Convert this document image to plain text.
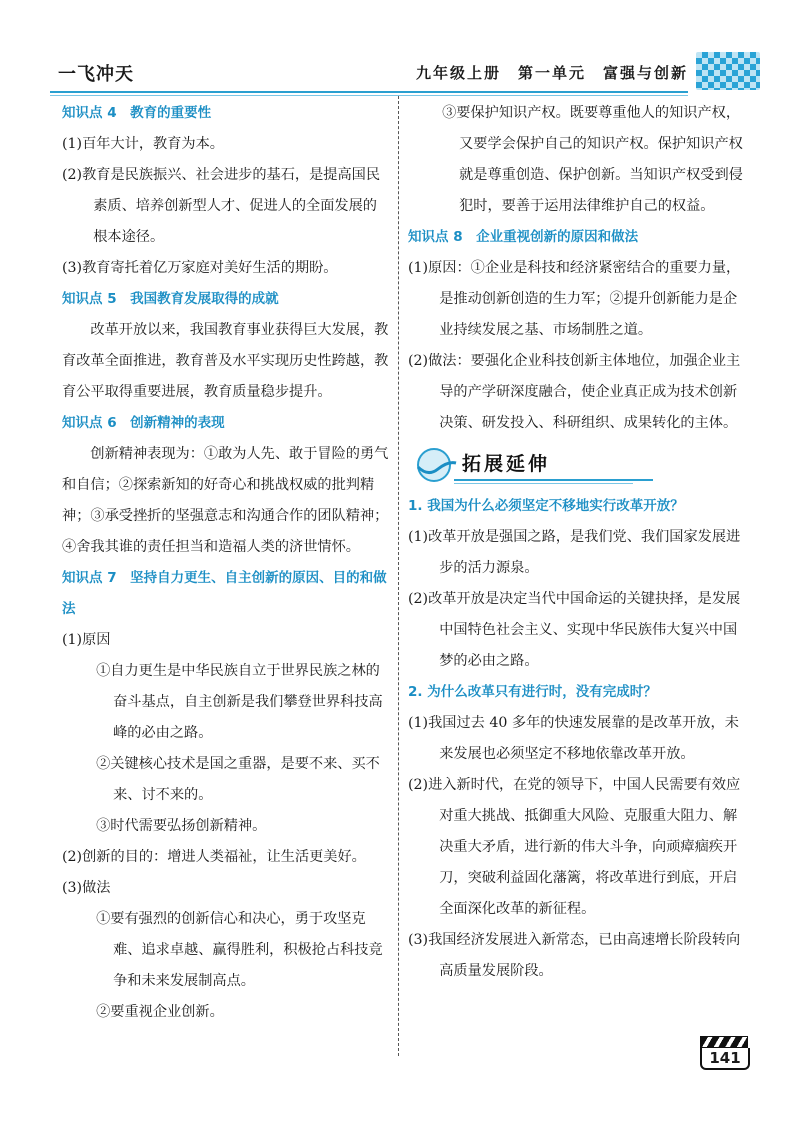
一飞冲天	九年级上册　第一单元　富强与创新

知识点 4　教育的重要性

(1)百年大计，教育为本。

(2)教育是民族振兴、社会进步的基石，是提高国民素质、培养创新型人才、促进人的全面发展的根本途径。

(3)教育寄托着亿万家庭对美好生活的期盼。

知识点 5　我国教育发展取得的成就

改革开放以来，我国教育事业获得巨大发展，教育改革全面推进，教育普及水平实现历史性跨越，教育公平取得重要进展，教育质量稳步提升。

知识点 6　创新精神的表现

创新精神表现为：①敢为人先、敢于冒险的勇气和自信；②探索新知的好奇心和挑战权威的批判精神；③承受挫折的坚强意志和沟通合作的团队精神；④舍我其谁的责任担当和造福人类的济世情怀。

知识点 7　坚持自力更生、自主创新的原因、目的和做法

(1)原因

①自力更生是中华民族自立于世界民族之林的奋斗基点，自主创新是我们攀登世界科技高峰的必由之路。

②关键核心技术是国之重器，是要不来、买不来、讨不来的。

③时代需要弘扬创新精神。

(2)创新的目的：增进人类福祉，让生活更美好。

(3)做法

①要有强烈的创新信心和决心，勇于攻坚克难、追求卓越、赢得胜利，积极抢占科技竞争和未来发展制高点。

②要重视企业创新。

③要保护知识产权。既要尊重他人的知识产权，又要学会保护自己的知识产权。保护知识产权就是尊重创造、保护创新。当知识产权受到侵犯时，要善于运用法律维护自己的权益。

知识点 8　企业重视创新的原因和做法

(1)原因：①企业是科技和经济紧密结合的重要力量，是推动创新创造的生力军；②提升创新能力是企业持续发展之基、市场制胜之道。

(2)做法：要强化企业科技创新主体地位，加强企业主导的产学研深度融合，使企业真正成为技术创新决策、研发投入、科研组织、成果转化的主体。

拓展延伸

1. 我国为什么必须坚定不移地实行改革开放？

(1)改革开放是强国之路，是我们党、我们国家发展进步的活力源泉。

(2)改革开放是决定当代中国命运的关键抉择，是发展中国特色社会主义、实现中华民族伟大复兴中国梦的必由之路。

2. 为什么改革只有进行时，没有完成时？

(1)我国过去 40 多年的快速发展靠的是改革开放，未来发展也必须坚定不移地依靠改革开放。

(2)进入新时代，在党的领导下，中国人民需要有效应对重大挑战、抵御重大风险、克服重大阻力、解决重大矛盾，进行新的伟大斗争，向顽瘴痼疾开刀，突破利益固化藩篱，将改革进行到底，开启全面深化改革的新征程。

(3)我国经济发展进入新常态，已由高速增长阶段转向高质量发展阶段。

141
